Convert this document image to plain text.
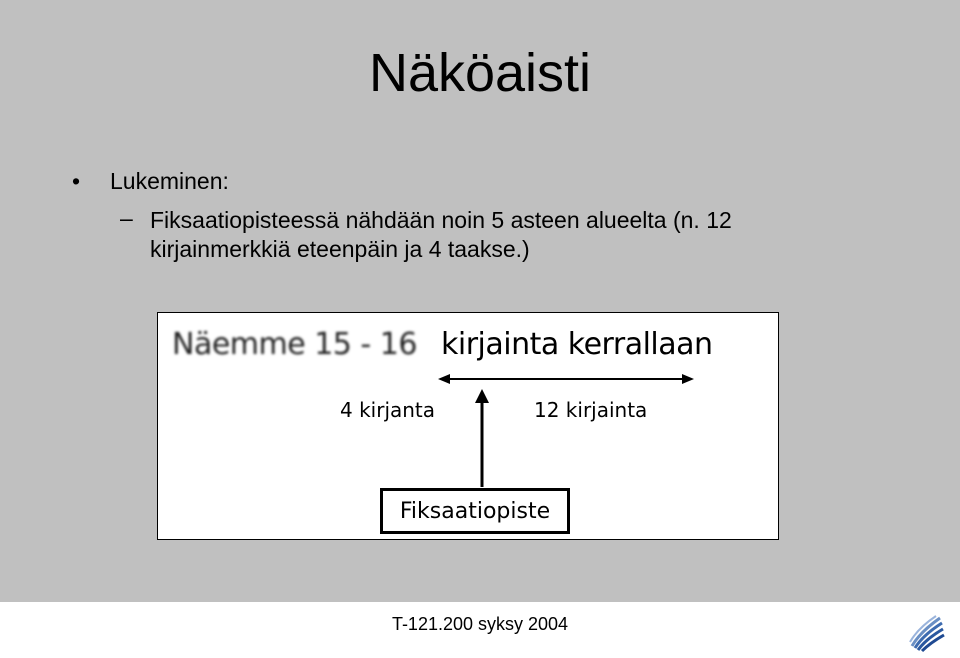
Näköaisti
• Lukeminen:
– Fiksaatiopisteessä nähdään noin 5 asteen alueelta (n. 12 kirjainmerkkiä eteenpäin ja 4 taakse.)
Näemme 15 - 16 kirjainta kerrallaan
4 kirjanta	12 kirjainta
Fiksaatiopiste
T-121.200 syksy 2004
